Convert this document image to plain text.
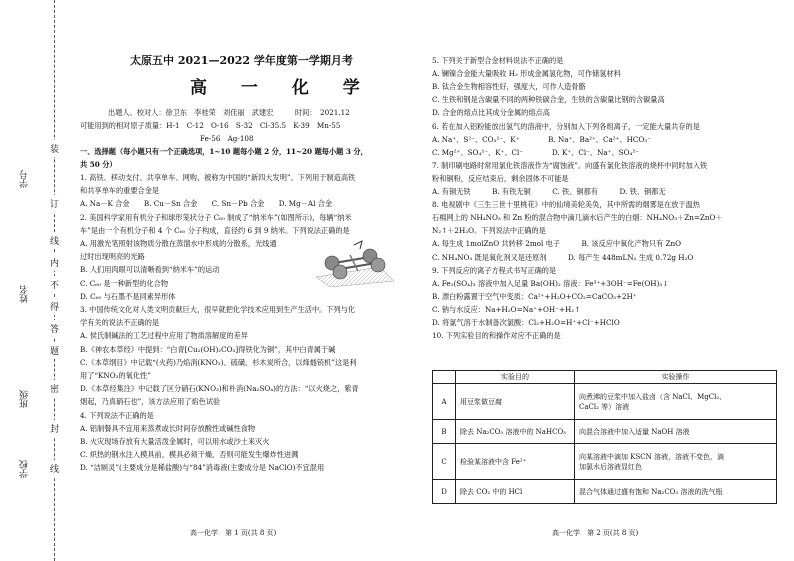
学号
姓名
班级
学校
装
订
线
内
不
得
答
题
密
封
线
太原五中 2021—2022 学年度第一学期月考
高 一 化 学
出题人、校对人：徐卫东　李桂荣　刘佳丽　武建宏　　　时间：　2021.12
可能用到的相对原子质量：H-1　C-12　O-16　S-32　Cl-35.5　K-39　Mn-55
Fe-56　Ag-108
一、选择题（每小题只有一个正确选项，1~10 题每小题 2 分，11~20 题每小题 3 分，
共 50 分）
1. 高铁、移动支付、共享单车、网购，被称为中国的“新四大发明”。下列用于制造高铁
和共享单车的重要合金是
A. Na－K 合金　　B. Cu－Sn 合金　　C. Sn－Pb 合金　　D. Mg－Al 合金
2. 美国科学家用有机分子和球形笼状分子 C₆₀ 制成了“纳米车”(如图所示)，每辆“纳米
车”是由一个有机分子和 4 个 C₆₀ 分子构成，直径约 6 到 9 纳米。下列说法正确的是
A. 用激光笔照射该物质分散在蒸馏水中形成的分散系，光线通
过时出现明亮的光路
B. 人们用肉眼可以清晰看到“纳米车”的运动
C. C₆₀ 是一种新型的化合物
D. C₆₀ 与石墨不是同素异形体
3. 中国传统文化对人类文明贡献巨大，很早就把化学技术应用到生产生活中。下列与化
学有关的说法不正确的是
A. 侯氏制碱法的工艺过程中应用了物质溶解度的差异
B.《神农本草经》中提到：“白青[Cu₂(OH)₂CO₃]得铁化为铜”，其中白青属于碱
C.《本草纲目》中记载“(火药)乃焰消(KNO₃)、硫磺、杉木炭所合，以烽燧铳机”这是利
用了“KNO₃的氧化性”
D.《本草经集注》中记载了区分硝石(KNO₃)和朴消(Na₂SO₄)的方法：“以火烧之，紫青
烟起，乃真硝石也”，该方法应用了焰色试验
4. 下列说法不正确的是
A. 铝制餐具不宜用来蒸煮或长时间存放酸性或碱性食物
B. 火灾现场存放有大量活泼金属时，可以用水或沙土来灭火
C. 炽热的钢水注入模具前，模具必须干燥，否则可能发生爆炸性迸溅
D. “洁厕灵”(主要成分是稀盐酸)与“84”消毒液(主要成分是 NaClO)不宜混用
高一化学　第 1 页(共 8 页)
5. 下列关于新型合金材料说法不正确的是
A. 镧镍合金能大量吸收 H₂ 形成金属氢化物，可作储氢材料
B. 钛合金生物相容性好，强度大，可作人造骨骼
C. 生铁和钢是含碳量不同的两种铁碳合金，生铁的含碳量比钢的含碳量高
D. 合金的熔点比其成分金属的熔点高
6. 若在加入铝粉能放出氢气的溶液中，分别加入下列各组离子，一定能大量共存的是
A. Na⁺、S²⁻、CO₃²⁻、K⁺　　　　B. Na⁺、Ba²⁺、Ca²⁺、HCO₃⁻
C. Mg²⁺、SO₄²⁻、K⁺、Cl⁻　　　　D. K⁺、Cl⁻、Na⁺、SO₄²⁻
7. 制印刷电路时常用氯化铁溶液作为“腐蚀液”。向盛有氯化铁溶液的烧杯中同时加入铁
粉和铜粉，反应结束后，剩余固体不可能是
A. 有铜无铁　　　B. 有铁无铜　　　C. 铁、铜都有　　　D. 铁、铜都无
8. 电视剧中《三生三世十里桃花》中的仙境美轮美奂，其中所需的烟雾是在放于温热
石棉网上的 NH₄NO₃ 和 Zn 粉的混合物中滴几滴水后产生的白烟：NH₄NO₃＋Zn=ZnO＋
N₂↑＋2H₂O。下列说法中正确的是
A. 每生成 1molZnO 共转移 2mol 电子　　　B. 该反应中氧化产物只有 ZnO
C. NH₄NO₃ 既是氧化剂又是还原剂　　　D. 每产生 448mLN₂ 生成 0.72g H₂O
9. 下列反应的离子方程式书写正确的是
A. Fe₂(SO₄)₃ 溶液中加入足量 Ba(OH)₂ 溶液：Fe³⁺+3OH⁻=Fe(OH)₃↓
B. 漂白粉露置于空气中变质：Ca²⁺+H₂O+CO₂=CaCO₃+2H⁺
C. 钠与水反应：Na+H₂O=Na⁺+OH⁻+H₂↑
D. 将氯气溶于水制备次氯酸：Cl₂+H₂O=H⁺+Cl⁻+HClO
10. 下列实验目的和操作对应不正确的是
	实验目的	实验操作
A	用豆浆做豆腐	向煮沸的豆浆中加入盐卤（含 NaCl、MgCl₂、
CaCl₂ 等）溶液

B	除去 Na₂CO₃ 溶液中的 NaHCO₃	向混合溶液中加入适量 NaOH 溶液

C	检验某溶液中含 Fe²⁺	向某溶液中滴加 KSCN 溶液，溶液不变色，滴
加氯水后溶液显红色

D	除去 CO₂ 中的 HCl	混合气体通过盛有饱和 Na₂CO₃ 溶液的洗气瓶
高一化学　第 2 页(共 8 页)
